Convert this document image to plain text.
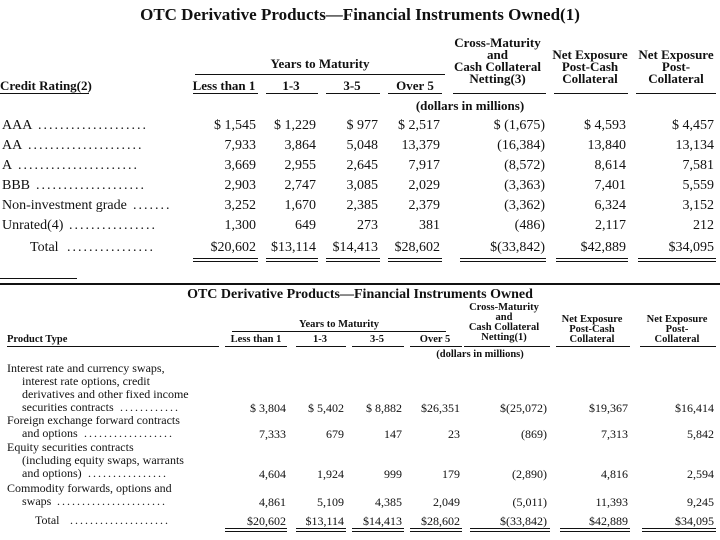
OTC Derivative Products—Financial Instruments Owned(1)
Years to Maturity
Cross-Maturity
and
Cash Collateral
Netting(3)
Net Exposure
Post-Cash
Collateral
Net Exposure
Post-
Collateral
Credit Rating(2)	Less than 1	1-3	3-5	Over 5
(dollars in millions)
AAA ....................	$ 1,545	$ 1,229	$ 977	$ 2,517	$ (1,675)	$ 4,593	$ 4,457
AA .....................	7,933	3,864	5,048	13,379	(16,384)	13,840	13,134
A ......................	3,669	2,955	2,645	7,917	(8,572)	8,614	7,581
BBB ....................	2,903	2,747	3,085	2,029	(3,363)	7,401	5,559
Non-investment grade .......	3,252	1,670	2,385	2,379	(3,362)	6,324	3,152
Unrated(4) ................	1,300	649	273	381	(486)	2,117	212
Total ................	$20,602	$13,114	$14,413	$28,602	$(33,842)	$42,889	$34,095
OTC Derivative Products—Financial Instruments Owned
Years to Maturity
Cross-Maturity
and
Cash Collateral
Netting(1)
Net Exposure
Post-Cash
Collateral
Net Exposure
Post-
Collateral
Product Type	Less than 1	1-3	3-5	Over 5
(dollars in millions)
Interest rate and currency swaps,
interest rate options, credit
derivatives and other fixed income
securities contracts ............	$ 3,804	$ 5,402	$ 8,882	$26,351	$(25,072)	$19,367	$16,414
Foreign exchange forward contracts
and options ..................	7,333	679	147	23	(869)	7,313	5,842
Equity securities contracts
(including equity swaps, warrants
and options) ................	4,604	1,924	999	179	(2,890)	4,816	2,594
Commodity forwards, options and
swaps ......................	4,861	5,109	4,385	2,049	(5,011)	11,393	9,245
Total ....................	$20,602	$13,114	$14,413	$28,602	$(33,842)	$42,889	$34,095
